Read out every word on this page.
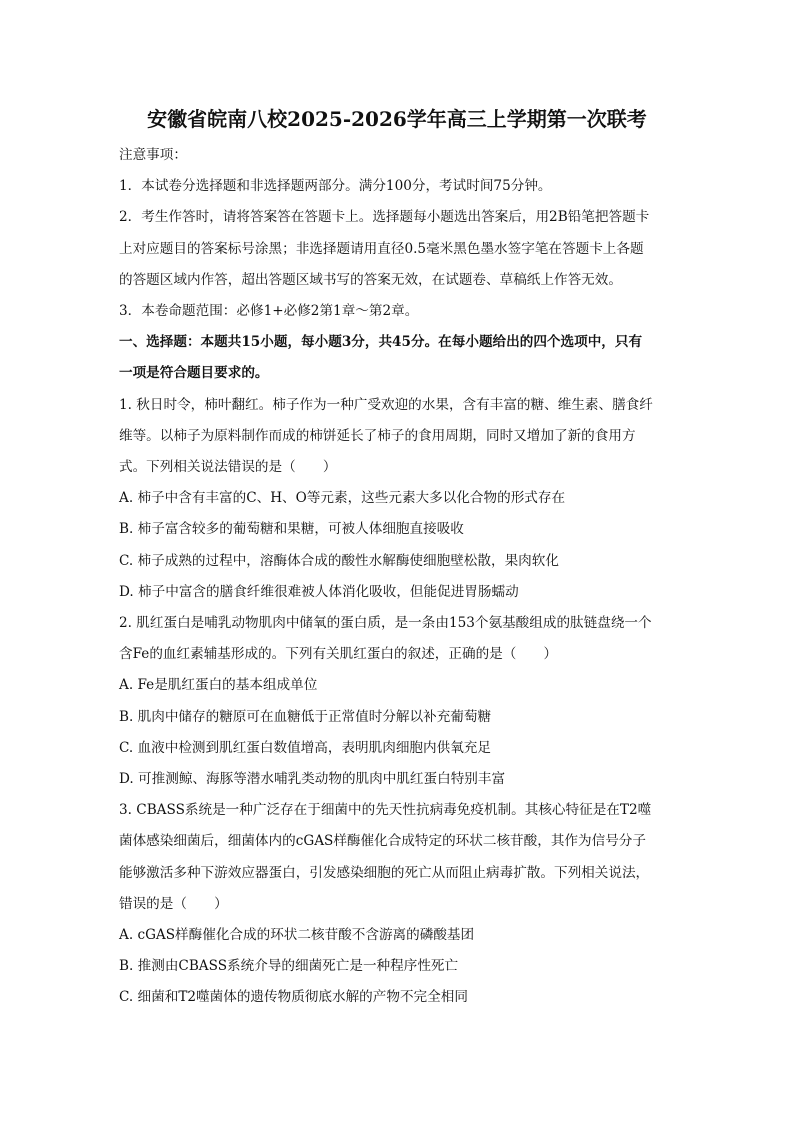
安徽省皖南八校2025-2026学年高三上学期第一次联考
注意事项：
1．本试卷分选择题和非选择题两部分。满分100分，考试时间75分钟。
2．考生作答时，请将答案答在答题卡上。选择题每小题选出答案后，用2B铅笔把答题卡
上对应题目的答案标号涂黑；非选择题请用直径0.5毫米黑色墨水签字笔在答题卡上各题
的答题区域内作答，超出答题区域书写的答案无效，在试题卷、草稿纸上作答无效。
3．本卷命题范围：必修1+必修2第1章～第2章。
一、选择题：本题共15小题，每小题3分，共45分。在每小题给出的四个选项中，只有
一项是符合题目要求的。
1. 秋日时令，柿叶翻红。柿子作为一种广受欢迎的水果，含有丰富的糖、维生素、膳食纤
维等。以柿子为原料制作而成的柿饼延长了柿子的食用周期，同时又增加了新的食用方
式。下列相关说法错误的是（　　）
A. 柿子中含有丰富的C、H、O等元素，这些元素大多以化合物的形式存在
B. 柿子富含较多的葡萄糖和果糖，可被人体细胞直接吸收
C. 柿子成熟的过程中，溶酶体合成的酸性水解酶使细胞壁松散，果肉软化
D. 柿子中富含的膳食纤维很难被人体消化吸收，但能促进胃肠蠕动
2. 肌红蛋白是哺乳动物肌肉中储氧的蛋白质，是一条由153个氨基酸组成的肽链盘绕一个
含Fe的血红素辅基形成的。下列有关肌红蛋白的叙述，正确的是（　　）
A. Fe是肌红蛋白的基本组成单位
B. 肌肉中储存的糖原可在血糖低于正常值时分解以补充葡萄糖
C. 血液中检测到肌红蛋白数值增高，表明肌肉细胞内供氧充足
D. 可推测鲸、海豚等潜水哺乳类动物的肌肉中肌红蛋白特别丰富
3. CBASS系统是一种广泛存在于细菌中的先天性抗病毒免疫机制。其核心特征是在T2噬
菌体感染细菌后，细菌体内的cGAS样酶催化合成特定的环状二核苷酸，其作为信号分子
能够激活多种下游效应器蛋白，引发感染细胞的死亡从而阻止病毒扩散。下列相关说法，
错误的是（　　）
A. cGAS样酶催化合成的环状二核苷酸不含游离的磷酸基团
B. 推测由CBASS系统介导的细菌死亡是一种程序性死亡
C. 细菌和T2噬菌体的遗传物质彻底水解的产物不完全相同
